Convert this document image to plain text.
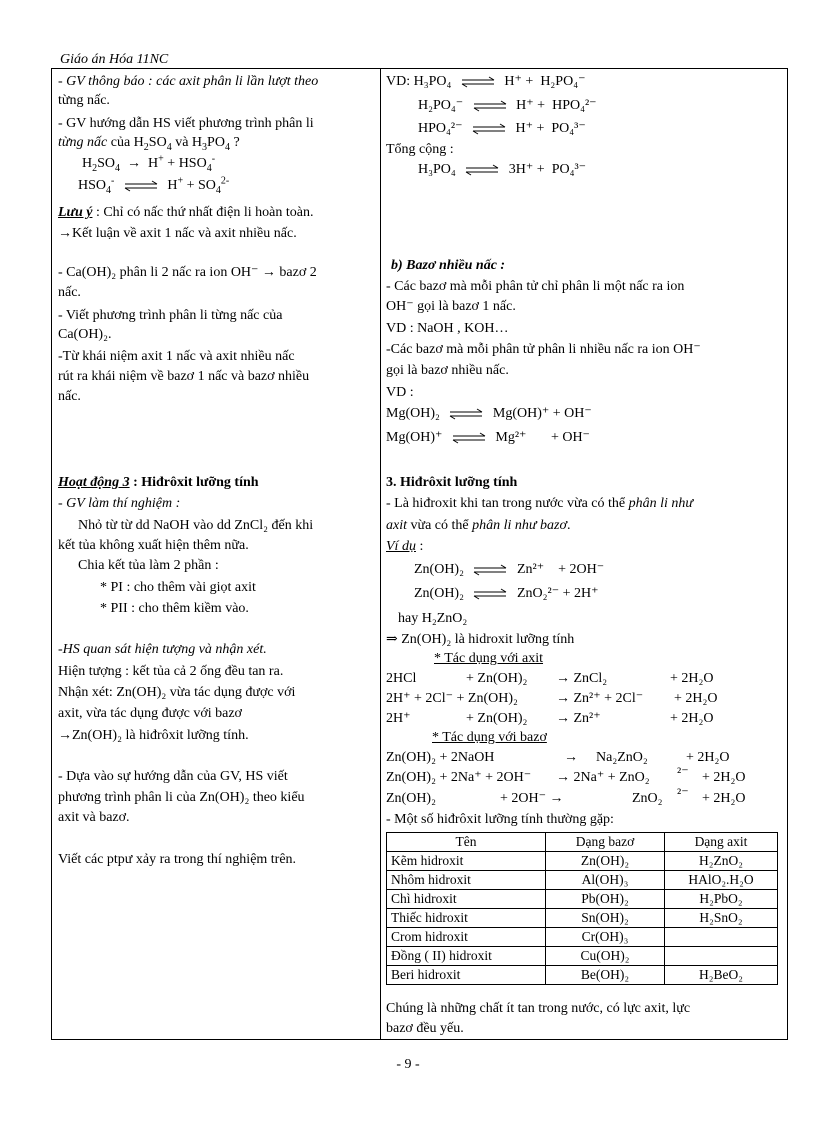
Giáo án Hóa 11NC
- GV thông báo : các axit phân li lần lượt theo
từng nấc.
- GV hướng dẫn HS viết phương trình phân li
từng nấc của $H_2SO_4$ và $H_3PO_4$ ?
$H_2SO_4 \to H^+ + HSO_4^-$
$HSO_4^-$ ⇌ $H^+ + SO_4^{2-}$
Lưu ý : Chỉ có nấc thứ nhất điện li hoàn toàn.
→Kết luận về axit 1 nấc và axit nhiều nấc.
- Ca(OH)₂ phân li 2 nấc ra ion OH⁻ → bazơ 2
nấc.
- Viết phương trình phân li từng nấc của
Ca(OH)₂.
-Từ khái niệm axit 1 nấc và axit nhiều nấc
rút ra khái niệm về bazơ 1 nấc và bazơ nhiều
nấc.
Hoạt động 3 : Hiđrôxit lưỡng tính
- GV làm thí nghiệm :
Nhỏ từ từ dd NaOH vào dd ZnCl₂ đến khi
kết tủa không xuất hiện thêm nữa.
Chia kết tủa làm 2 phần :
* PI : cho thêm vài giọt axit
* PII : cho thêm kiềm vào.
-HS quan sát hiện tượng và nhận xét.
Hiện tượng : kết tủa cả 2 ống đều tan ra.
Nhận xét: Zn(OH)₂ vừa tác dụng được với
axit, vừa tác dụng được với bazơ
→Zn(OH)₂ là hiđrôxit lưỡng tính.
- Dựa vào sự hướng dẫn của GV, HS viết
phương trình phân li của Zn(OH)₂ theo kiểu
axit và bazơ.
Viết các ptpư xảy ra trong thí nghiệm trên.
VD: H₃PO₄ ⇌ H⁺ + H₂PO₄⁻
H₂PO₄⁻ ⇌ H⁺ + HPO₄²⁻
HPO₄²⁻ ⇌ H⁺ + PO₄³⁻
Tổng cộng :
H₃PO₄ ⇌ 3H⁺ + PO₄³⁻
b) Bazơ nhiều nấc :
- Các bazơ mà mỗi phân tử chỉ phân li một nấc ra ion
OH⁻ gọi là bazơ 1 nấc.
VD : NaOH , KOH…
-Các bazơ mà mỗi phân tử phân li nhiều nấc ra ion OH⁻
gọi là bazơ nhiều nấc.
VD :
Mg(OH)₂ ⇌ Mg(OH)⁺ + OH⁻
Mg(OH)⁺ ⇌ Mg²⁺ + OH⁻
3. Hiđrôxit lưỡng tính
- Là hiđroxit khi tan trong nước vừa có thể phân li như
axit vừa có thể phân li như bazơ.
Ví dụ :
Zn(OH)₂ ⇌ Zn²⁺ + 2OH⁻
Zn(OH)₂ ⇌ ZnO₂²⁻ + 2H⁺
hay H₂ZnO₂
⇒ Zn(OH)₂ là hidroxit lưỡng tính
* Tác dụng với axit
2HCl	+ Zn(OH)₂ → ZnCl₂	+ 2H₂O
2H⁺ + 2Cl⁻ + Zn(OH)₂	→ Zn²⁺ + 2Cl⁻ + 2H₂O
2H⁺	+ Zn(OH)₂ → Zn²⁺	+ 2H₂O
* Tác dụng với bazơ
Zn(OH)₂ + 2NaOH	→ Na₂ZnO₂	+ 2H₂O
Zn(OH)₂ + 2Na⁺ + 2OH⁻ → 2Na⁺ + ZnO₂ ²⁻ + 2H₂O
Zn(OH)₂	+ 2OH⁻ →	ZnO₂ ²⁻ + 2H₂O
- Một số hiđrôxit lưỡng tính thường gặp:
Tên	Dạng bazơ	Dạng axit
Kẽm hidroxit	Zn(OH)₂	H₂ZnO₂
Nhôm hidroxit	Al(OH)₃	HAlO₂.H₂O
Chì hidroxit	Pb(OH)₂	H₂PbO₂
Thiếc hidroxit	Sn(OH)₂	H₂SnO₂
Crom hidroxit	Cr(OH)₃	
Đồng ( II) hidroxit	Cu(OH)₂	
Beri hidroxit	Be(OH)₂	H₂BeO₂
Chúng là những chất ít tan trong nước, có lực axit, lực
bazơ đều yếu.
- 9 -
